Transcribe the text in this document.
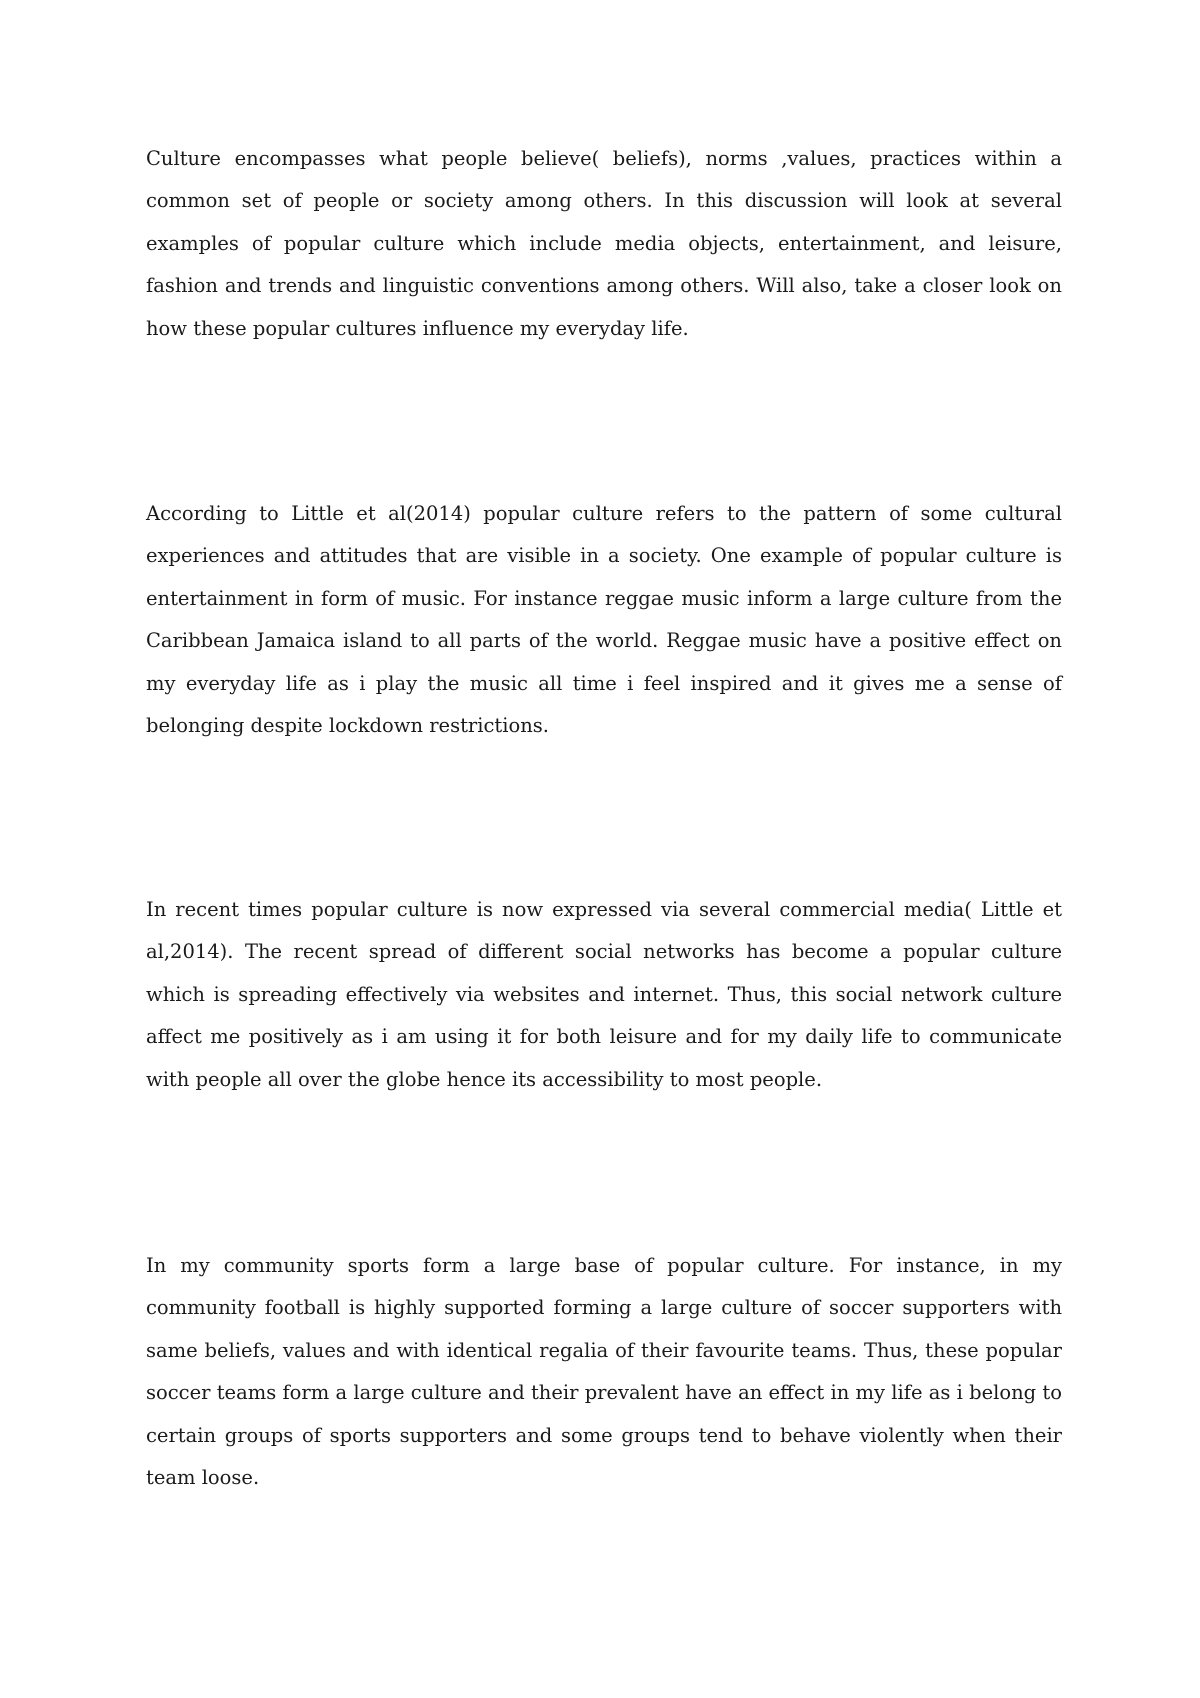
Culture encompasses what people believe( beliefs), norms ,values, practices within a common set of people or society among others. In this discussion will look at several examples of popular culture which include media objects, entertainment, and leisure, fashion and trends and linguistic conventions among others. Will also, take a closer look on how these popular cultures influence my everyday life.

According to Little et al(2014) popular culture refers to the pattern of some cultural experiences and attitudes that are visible in a society. One example of popular culture is entertainment in form of music. For instance reggae music inform a large culture from the Caribbean Jamaica island to all parts of the world. Reggae music have a positive effect on my everyday life as i play the music all time i feel inspired and it gives me a sense of belonging despite lockdown restrictions.

In recent times popular culture is now expressed via several commercial media( Little et al,2014). The recent spread of different social networks has become a popular culture which is spreading effectively via websites and internet. Thus, this social network culture affect me positively as i am using it for both leisure and for my daily life to communicate with people all over the globe hence its accessibility to most people.

In my community sports form a large base of popular culture. For instance, in my community football is highly supported forming a large culture of soccer supporters with same beliefs, values and with identical regalia of their favourite teams. Thus, these popular soccer teams form a large culture and their prevalent have an effect in my life as i belong to certain groups of sports supporters and some groups tend to behave violently when their team loose.
